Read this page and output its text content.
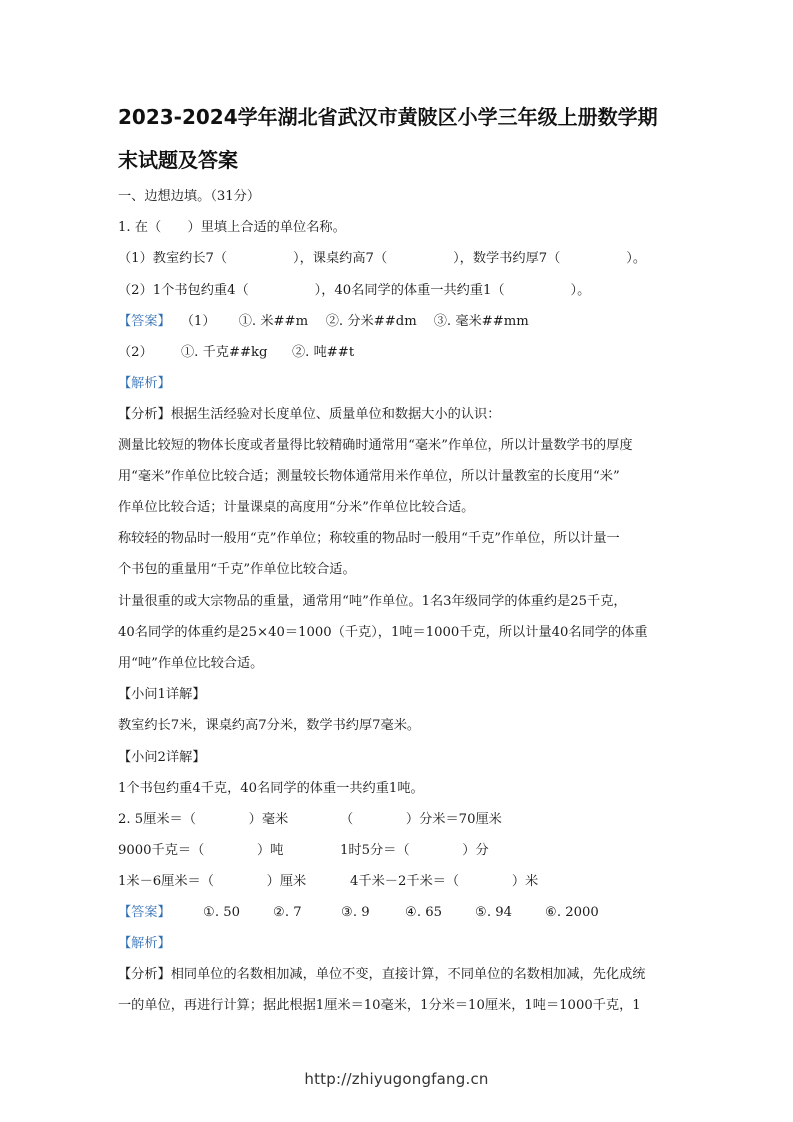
2023-2024学年湖北省武汉市黄陂区小学三年级上册数学期
末试题及答案
一、边想边填。（31分）
1. 在（　　）里填上合适的单位名称。
（1）教室约长7（　　　　　），课桌约高7（　　　　　），数学书约厚7（　　　　　）。
（2）1个书包约重4（　　　　　），40名同学的体重一共约重1（　　　　　）。
【答案】 （1） ①. 米##m ②. 分米##dm ③. 毫米##mm
（2） ①. 千克##kg ②. 吨##t
【解析】
【分析】根据生活经验对长度单位、质量单位和数据大小的认识：
测量比较短的物体长度或者量得比较精确时通常用“毫米”作单位，所以计量数学书的厚度
用“毫米”作单位比较合适；测量较长物体通常用米作单位，所以计量教室的长度用“米”
作单位比较合适；计量课桌的高度用“分米”作单位比较合适。
称较轻的物品时一般用“克”作单位；称较重的物品时一般用“千克”作单位，所以计量一
个书包的重量用“千克”作单位比较合适。
计量很重的或大宗物品的重量，通常用“吨”作单位。1名3年级同学的体重约是25千克，
40名同学的体重约是25×40＝1000（千克），1吨＝1000千克，所以计量40名同学的体重
用“吨”作单位比较合适。
【小问1详解】
教室约长7米，课桌约高7分米，数学书约厚7毫米。
【小问2详解】
1个书包约重4千克，40名同学的体重一共约重1吨。
2. 5厘米＝（　　　　）毫米	（　　　　）分米＝70厘米
9000千克＝（　　　　）吨	1时5分＝（　　　　）分
1米－6厘米＝（　　　　）厘米	4千米－2千米＝（　　　　）米
【答案】 ①. 50	②. 7	③. 9	④. 65	⑤. 94	⑥. 2000
【解析】
【分析】相同单位的名数相加减，单位不变，直接计算，不同单位的名数相加减，先化成统
一的单位，再进行计算；据此根据1厘米＝10毫米，1分米＝10厘米，1吨＝1000千克，1
http://zhiyugongfang.cn
